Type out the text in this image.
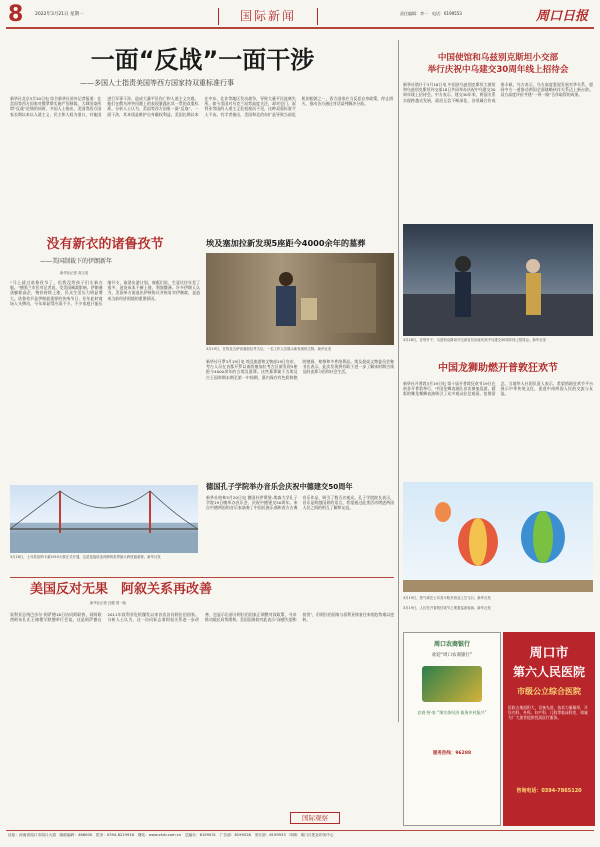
8	2022年3月21日 星期一	国际新闻	责任编辑：李一　电话：6199553	周口日报
一面“反战”一面干涉
——多国人士指责美国等西方国家持双重标准行事
新华社北京3月20日电 综合新华社驻外记者报道：在美国等西方国家对俄罗斯实施严厉制裁、大肆渲染所谓“反战”论调的同时，多国人士指出，美国等西方国家长期以来以人道主义、民主和人权为借口，对他国进行军事干涉，造成大量平民伤亡和人道主义灾难。他们在俄乌冲突问题上的表现暴露出其一贯的双重标准。分析人士认为，美国等西方国家一面“反战”、一面干涉，其本质是维护自身霸权利益。美国长期以来在中东、北非等地区发动战争，导致大量平民流离失所。如今美国对乌克兰局势高度关注，却对也门、叙利亚等国的人道主义危机视而不见，这种双重标准令人不齿。有学者指出，美国和北约东扩是导致当前危机的根源之一，西方国家应当反思自身政策，停止拱火，推动各方通过对话谈判解决分歧。
没有新衣的诸鲁孜节
——美国制裁下的伊朗新年
新华社记者 高文成
“马上就过诺鲁孜节了，但我没给孩子们买新衣服。”德黑兰市民对记者说。受美国制裁影响，伊朗通货膨胀高企，物价持续上涨，民众生活压力明显增大。诺鲁孜节是伊朗最重要的传统节日，往年此时商场人头攒动，今年却显得冷清不少。不少家庭只能压缩开支，取消出游计划。商贩们说，生意比往年差了很多，进货成本不断上涨，利润微薄。许多伊朗人认为，美国单方面退出伊核协议并恢复对伊制裁，是造成当前经济困境的重要原因。
3月18日，土耳其恰纳卡莱1915大桥正式开通，这是连接欧亚两洲的世界最大跨度悬索桥。新华社发
埃及塞加拉新发现5座距今4000余年的墓葬
3月19日，在埃及吉萨省塞加拉考古区，一名工作人员展示新发现的文物。新华社发
新华社开罗3月19日电 埃及旅游和文物部19日宣布，考古人员在首都开罗以南的塞加拉考古区新发现5座距今4000余年的古埃及墓葬。这些墓葬属于古埃及古王国时期末期至第一中间期，墓内保存有色彩鲜艳的壁画、棺椁和多件陪葬品。埃及最高文物委员会秘书长表示，此次发现将有助于进一步了解该时期古埃及的丧葬习俗和社会生活。
德国孔子学院举办音乐会庆祝中德建交50周年
新华社柏林3月20日电 德国杜伊斯堡-埃森大学孔子学院19日晚举办音乐会，庆祝中德建交50周年。来自中德两国的音乐家演奏了中国民族乐曲和西方古典音乐作品，吸引了数百名观众。孔子学院院长表示，音乐是跨越国界的语言，希望通过此类活动增进两国人民之间的相互了解和友谊。
美国反对无果　阿叙关系再改善
新华社记者 汪健 郑一晗
叙利亚总统巴沙尔·阿萨德18日访问阿联酋，同阿联酋阿布扎比王储穆罕默德举行会谈。这是阿萨德自2011年叙利亚危机爆发以来首次访问阿拉伯国家。分析人士认为，这一访问标志着阿叙关系进一步改善，也显示出部分阿拉伯国家正调整对叙政策，寻求推动地区局势缓和。美国国务院对此表示“深感失望和担忧”，但阿拉伯国家与叙利亚恢复往来的趋势难以逆转。
国际观察
中国使馆和乌兹别克斯坦小交部
举行庆祝中乌建交30周年线上招待会
新华社塔什干3月18日电 中国驻乌兹别克斯坦大使馆和乌兹别克斯坦外交部18日共同举办庆祝中乌建交30周年线上招待会。中方表示，建交30年来，两国关系实现跨越式发展，政治互信不断深化，各领域合作成果丰硕。乌方表示，乌方高度重视发展对华关系，愿同中方一道推动两国全面战略伙伴关系迈上新台阶。双方高度评价共建“一带一路”合作取得的成果。
3月18日，在塔什干，乌兹别克斯坦外交部官员出席庆祝中乌建交30周年线上招待会。新华社发
中国龙狮助燃开普敦狂欢节
新华社开普敦3月19日电 第十届开普敦狂欢节19日在南非开普敦举行，中国龙狮表演队首次参加巡游。精彩的舞龙舞狮表演吸引了众多观众驻足观看、拍照留念。当地华人社团负责人表示，希望借助狂欢节平台展示中华传统文化，促进中南两国人民的交流与友谊。
3月19日，热气球在土耳其卡帕多西亚上空飞行。新华社发
3月19日，人们在开普敦狂欢节上观看巡游表演。新华社发
周口农商银行
欢迎“周口农商银行”
农商·智·家 “聚实体经济 服务乡村振兴”
服务热线：96288
周口市
第六人民医院
市级公立综合医院
医院占地面积大，设备先进，技术力量雄厚，开设内科、外科、妇产科、儿科等临床科室，竭诚为广大患者提供优质医疗服务。
咨询电话：0394-7865120
社址：河南省周口市周口大道　邮政编码：466000　报务：0394-8219916　网站：www.zkrb.com.cn　总编办：6199531　广告部：6199528　发行部：6199533　印刷：周口日报社印务中心
